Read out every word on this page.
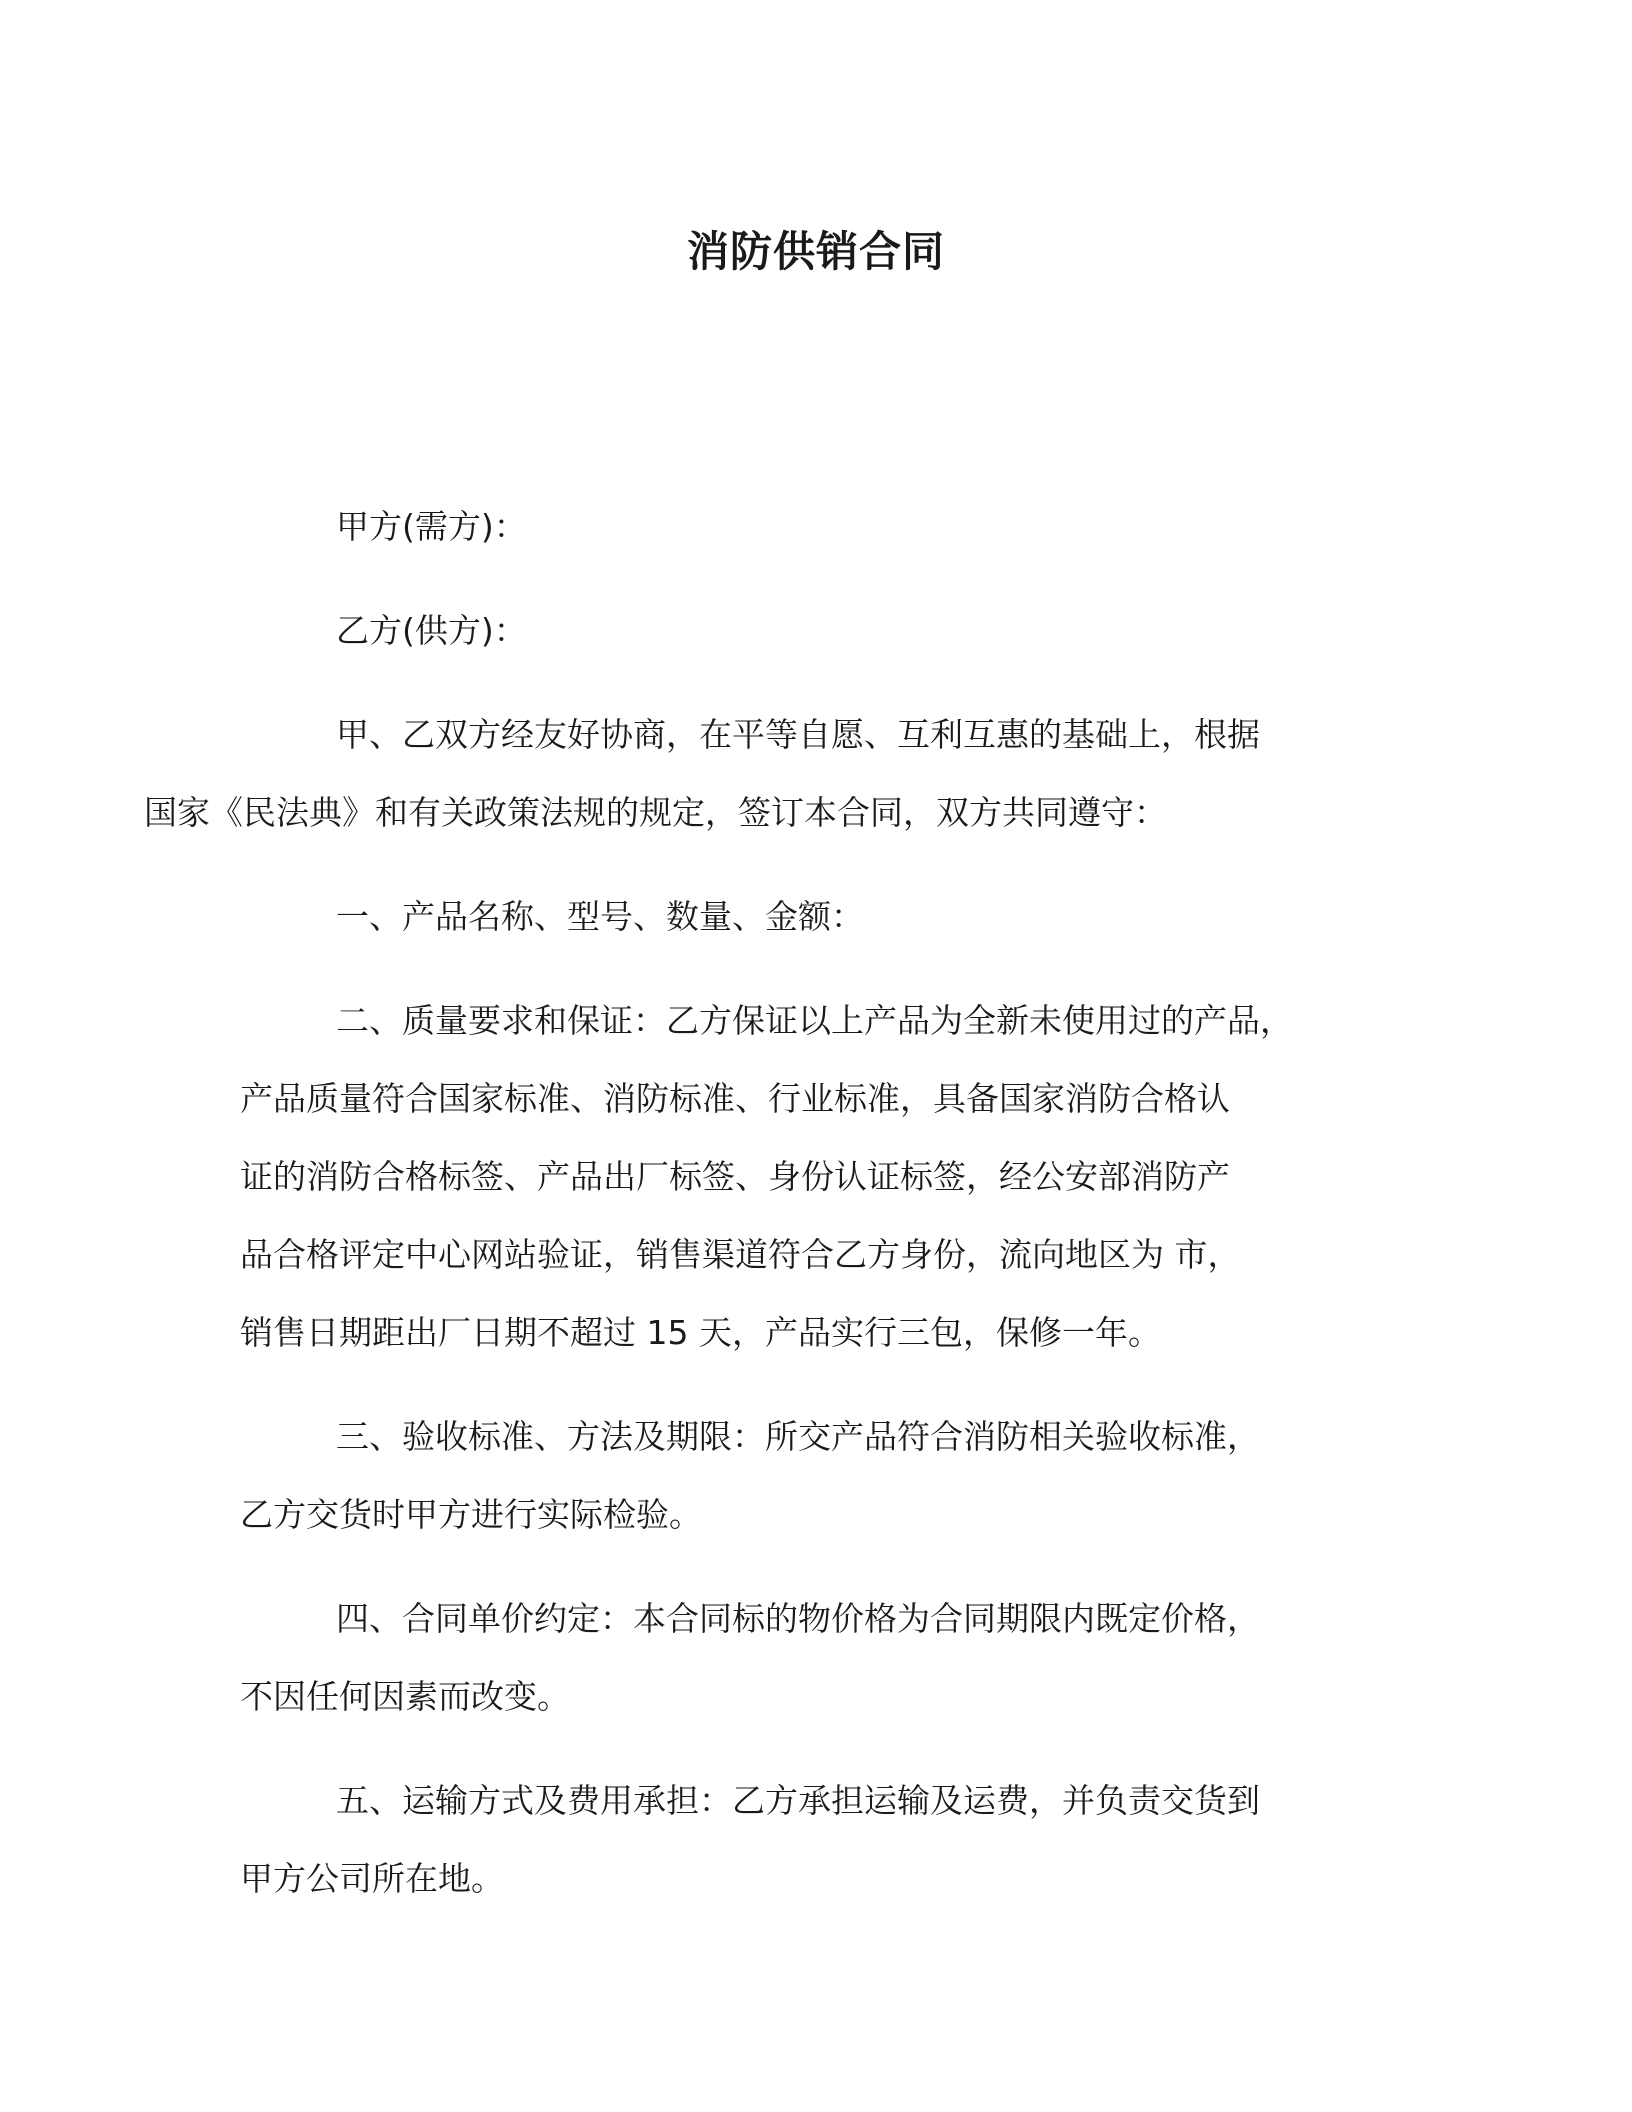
消防供销合同

甲方(需方)：

乙方(供方)：

甲、乙双方经友好协商，在平等自愿、互利互惠的基础上，根据
国家《民法典》和有关政策法规的规定，签订本合同，双方共同遵守：
一、产品名称、型号、数量、金额：
二、质量要求和保证：乙方保证以上产品为全新未使用过的产品，
产品质量符合国家标准、消防标准、行业标准，具备国家消防合格认
证的消防合格标签、产品出厂标签、身份认证标签，经公安部消防产
品合格评定中心网站验证，销售渠道符合乙方身份，流向地区为 市，
销售日期距出厂日期不超过 15 天，产品实行三包，保修一年。
三、验收标准、方法及期限：所交产品符合消防相关验收标准，
乙方交货时甲方进行实际检验。
四、合同单价约定：本合同标的物价格为合同期限内既定价格，
不因任何因素而改变。
五、运输方式及费用承担：乙方承担运输及运费，并负责交货到
甲方公司所在地。
